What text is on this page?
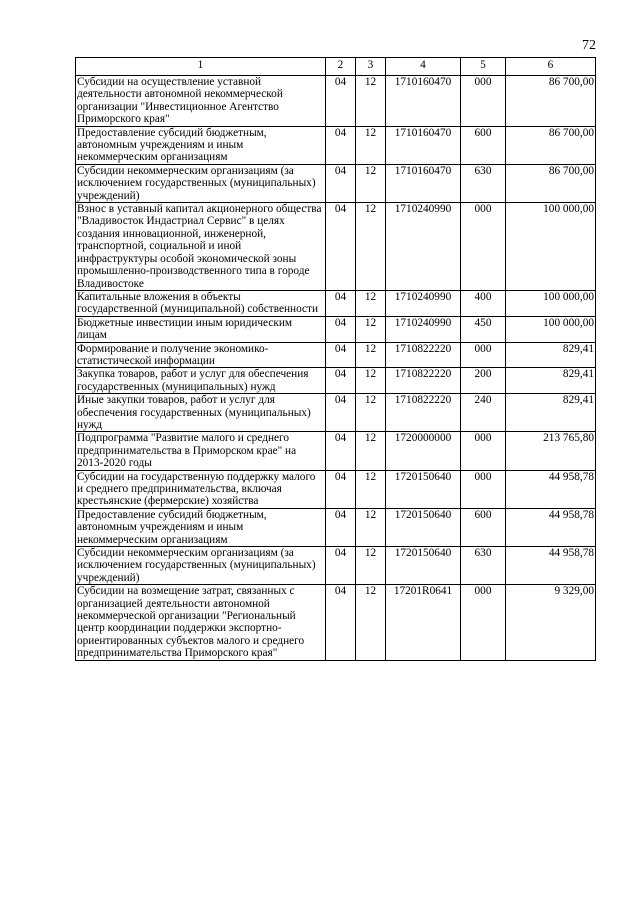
72
1	2	3	4	5	6
Субсидии на осуществление уставной деятельности автономной некоммерческой организации "Инвестиционное Агентство Приморского края"	04	12	1710160470	000	86 700,00
Предоставление субсидий бюджетным, автономным учреждениям и иным некоммерческим организациям	04	12	1710160470	600	86 700,00
Субсидии некоммерческим организациям (за исключением государственных (муниципальных) учреждений)	04	12	1710160470	630	86 700,00
Взнос в уставный капитал акционерного общества "Владивосток Индастриал Сервис" в целях создания инновационной, инженерной, транспортной, социальной и иной инфраструктуры особой экономической зоны промышленно-производственного типа в городе Владивостоке	04	12	1710240990	000	100 000,00
Капитальные вложения в объекты государственной (муниципальной) собственности	04	12	1710240990	400	100 000,00
Бюджетные инвестиции иным юридическим лицам	04	12	1710240990	450	100 000,00
Формирование и получение экономико-статистической информации	04	12	1710822220	000	829,41
Закупка товаров, работ и услуг для обеспечения государственных (муниципальных) нужд	04	12	1710822220	200	829,41
Иные закупки товаров, работ и услуг для обеспечения государственных (муниципальных) нужд	04	12	1710822220	240	829,41
Подпрограмма "Развитие малого и среднего предпринимательства в Приморском крае" на 2013-2020 годы	04	12	1720000000	000	213 765,80
Субсидии на государственную поддержку малого и среднего предпринимательства, включая крестьянские (фермерские) хозяйства	04	12	1720150640	000	44 958,78
Предоставление субсидий бюджетным, автономным учреждениям и иным некоммерческим организациям	04	12	1720150640	600	44 958,78
Субсидии некоммерческим организациям (за исключением государственных (муниципальных) учреждений)	04	12	1720150640	630	44 958,78
Субсидии на возмещение затрат, связанных с организацией деятельности автономной некоммерческой организации "Региональный центр координации поддержки экспортно-ориентированных субъектов малого и среднего предпринимательства Приморского края"	04	12	17201R0641	000	9 329,00
